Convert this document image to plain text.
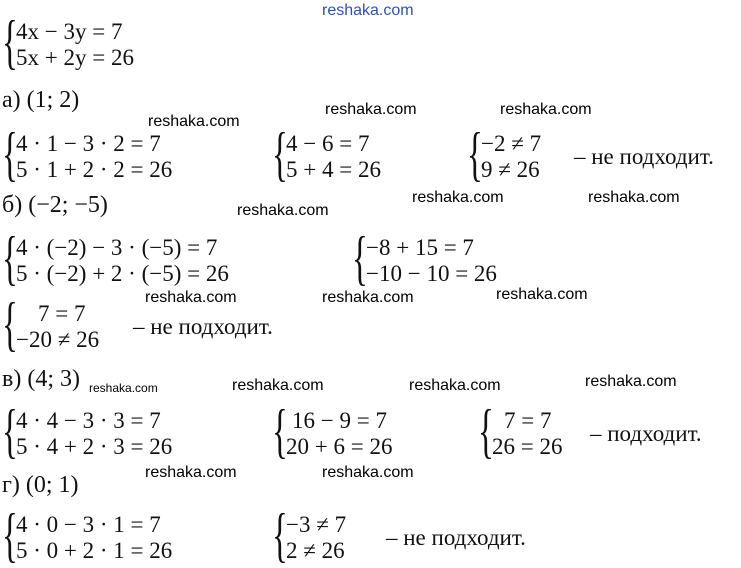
reshaka.com
reshaka.com
reshaka.com	reshaka.com
reshaka.com
reshaka.com	reshaka.com
reshaka.com	reshaka.com	reshaka.com
reshaka.com	reshaka.com	reshaka.com	reshaka.com
reshaka.com	reshaka.com
{
4x − 3y = 7
5x + 2y = 26
а) (1; 2)
{
4 · 1 − 3 · 2 = 7
5 · 1 + 2 · 2 = 26 {
4 − 6 = 7
5 + 4 = 26 {
−2 ≠ 7
9 ≠ 26
– не подходит.
б) (−2; −5)
{
4 · (−2) − 3 · (−5) = 7
5 · (−2) + 2 · (−5) = 26 {
−8 + 15 = 7
−10 − 10 = 26
{ 7 = 7
−20 ≠ 26
– не подходит.
в) (4; 3)
{
4 · 4 − 3 · 3 = 7
5 · 4 + 2 · 3 = 26 { 16 − 9 = 7
20 + 6 = 26 { 7 = 7
26 = 26
– подходит.
г) (0; 1)
{
4 · 0 − 3 · 1 = 7
5 · 0 + 2 · 1 = 26 {
−3 ≠ 7
2 ≠ 26
– не подходит.
